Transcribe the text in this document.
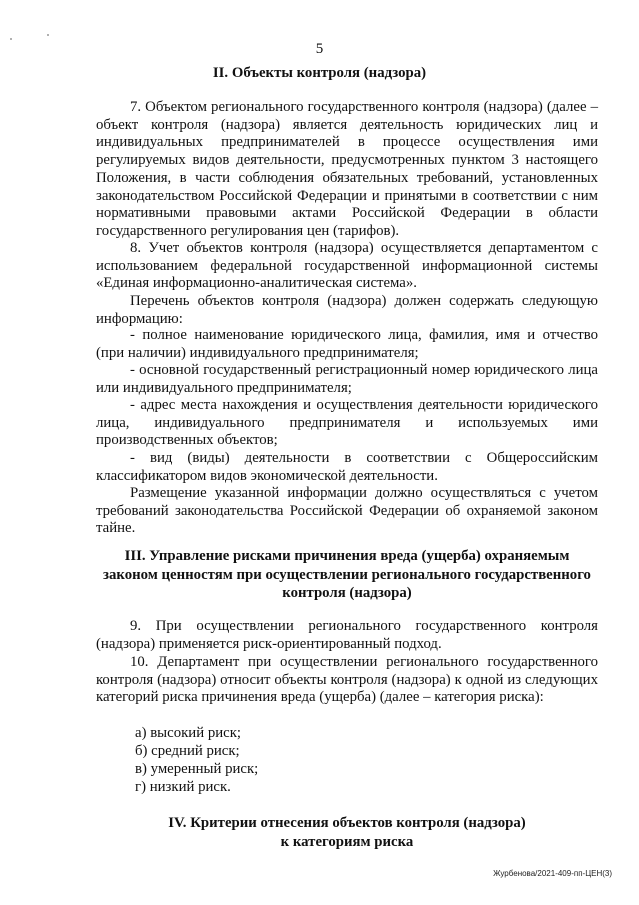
5
II. Объекты контроля (надзора)
7. Объектом регионального государственного контроля (надзора) (далее – объект контроля (надзора) является деятельность юридических лиц и индивидуальных предпринимателей в процессе осуществления ими регулируемых видов деятельности, предусмотренных пунктом 3 настоящего Положения, в части соблюдения обязательных требований, установленных законодательством Российской Федерации и принятыми в соответствии с ним нормативными правовыми актами Российской Федерации в области государственного регулирования цен (тарифов).
8. Учет объектов контроля (надзора) осуществляется департаментом с использованием федеральной государственной информационной системы «Единая информационно-аналитическая система».
Перечень объектов контроля (надзора) должен содержать следующую информацию:
- полное наименование юридического лица, фамилия, имя и отчество (при наличии) индивидуального предпринимателя;
- основной государственный регистрационный номер юридического лица или индивидуального предпринимателя;
- адрес места нахождения и осуществления деятельности юридического лица, индивидуального предпринимателя и используемых ими производственных объектов;
- вид (виды) деятельности в соответствии с Общероссийским классификатором видов экономической деятельности.
Размещение указанной информации должно осуществляться с учетом требований законодательства Российской Федерации об охраняемой законом тайне.
III. Управление рисками причинения вреда (ущерба) охраняемым
законом ценностям при осуществлении регионального государственного
контроля (надзора)
9. При осуществлении регионального государственного контроля (надзора) применяется риск-ориентированный подход.
10. Департамент при осуществлении регионального государственного контроля (надзора) относит объекты контроля (надзора) к одной из следующих категорий риска причинения вреда (ущерба) (далее – категория риска):
а) высокий риск;
б) средний риск;
в) умеренный риск;
г) низкий риск.
IV. Критерии отнесения объектов контроля (надзора)
к категориям риска
Журбенова/2021-409-пп-ЦЕН(3)
